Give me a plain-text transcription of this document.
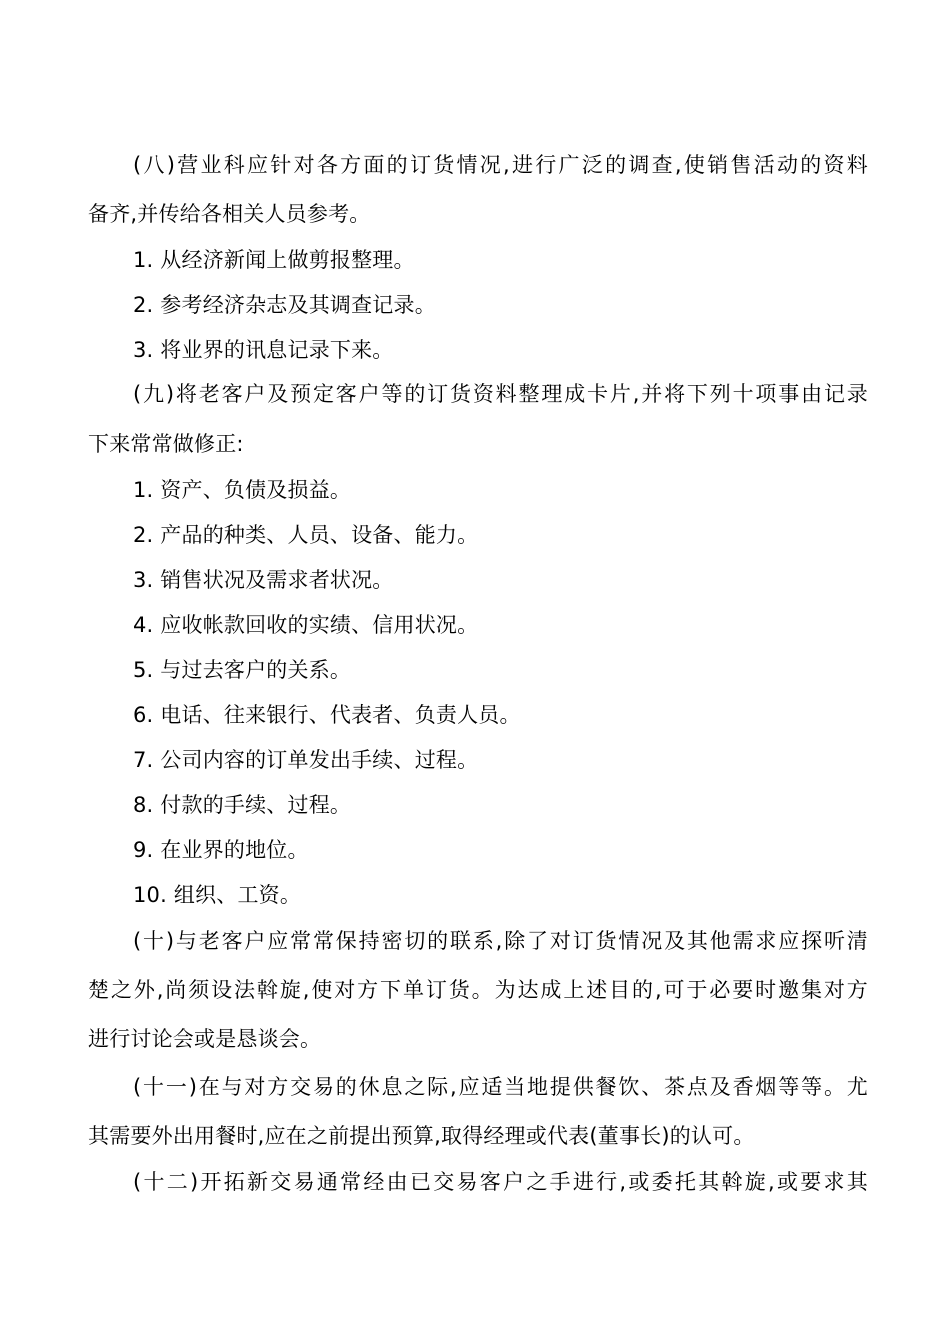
(八)营业科应针对各方面的订货情况,进行广泛的调查,使销售活动的资料
备齐,并传给各相关人员参考。
1. 从经济新闻上做剪报整理。
2. 参考经济杂志及其调查记录。
3. 将业界的讯息记录下来。
(九)将老客户及预定客户等的订货资料整理成卡片,并将下列十项事由记录
下来常常做修正:
1. 资产、负债及损益。
2. 产品的种类、人员、设备、能力。
3. 销售状况及需求者状况。
4. 应收帐款回收的实绩、信用状况。
5. 与过去客户的关系。
6. 电话、往来银行、代表者、负责人员。
7. 公司内容的订单发出手续、过程。
8. 付款的手续、过程。
9. 在业界的地位。
10. 组织、工资。
(十)与老客户应常常保持密切的联系,除了对订货情况及其他需求应探听清
楚之外,尚须设法斡旋,使对方下单订货。为达成上述目的,可于必要时邀集对方
进行讨论会或是恳谈会。
(十一)在与对方交易的休息之际,应适当地提供餐饮、茶点及香烟等等。尤
其需要外出用餐时,应在之前提出预算,取得经理或代表(董事长)的认可。
(十二)开拓新交易通常经由已交易客户之手进行,或委托其斡旋,或要求其
